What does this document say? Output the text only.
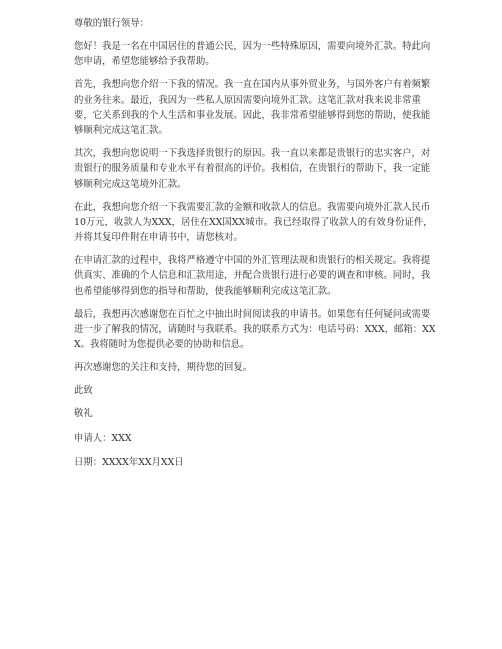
尊敬的银行领导：

您好！我是一名在中国居住的普通公民，因为一些特殊原因，需要向境外汇款。特此向您申请，希望您能够给予我帮助。

首先，我想向您介绍一下我的情况。我一直在国内从事外贸业务，与国外客户有着频繁的业务往来。最近，我因为一些私人原因需要向境外汇款。这笔汇款对我来说非常重要，它关系到我的个人生活和事业发展。因此，我非常希望能够得到您的帮助，使我能够顺利完成这笔汇款。

其次，我想向您说明一下我选择贵银行的原因。我一直以来都是贵银行的忠实客户，对贵银行的服务质量和专业水平有着很高的评价。我相信，在贵银行的帮助下，我一定能够顺利完成这笔境外汇款。

在此，我想向您介绍一下我需要汇款的金额和收款人的信息。我需要向境外汇款人民币10万元，收款人为XXX，居住在XX国XX城市。我已经取得了收款人的有效身份证件，并将其复印件附在申请书中，请您核对。

在申请汇款的过程中，我将严格遵守中国的外汇管理法规和贵银行的相关规定。我将提供真实、准确的个人信息和汇款用途，并配合贵银行进行必要的调查和审核。同时，我也希望能够得到您的指导和帮助，使我能够顺利完成这笔汇款。

最后，我想再次感谢您在百忙之中抽出时间阅读我的申请书。如果您有任何疑问或需要进一步了解我的情况，请随时与我联系。我的联系方式为：电话号码：XXX，邮箱：XXX。我将随时为您提供必要的协助和信息。

再次感谢您的关注和支持，期待您的回复。

此致

敬礼

申请人：XXX

日期：XXXX年XX月XX日
